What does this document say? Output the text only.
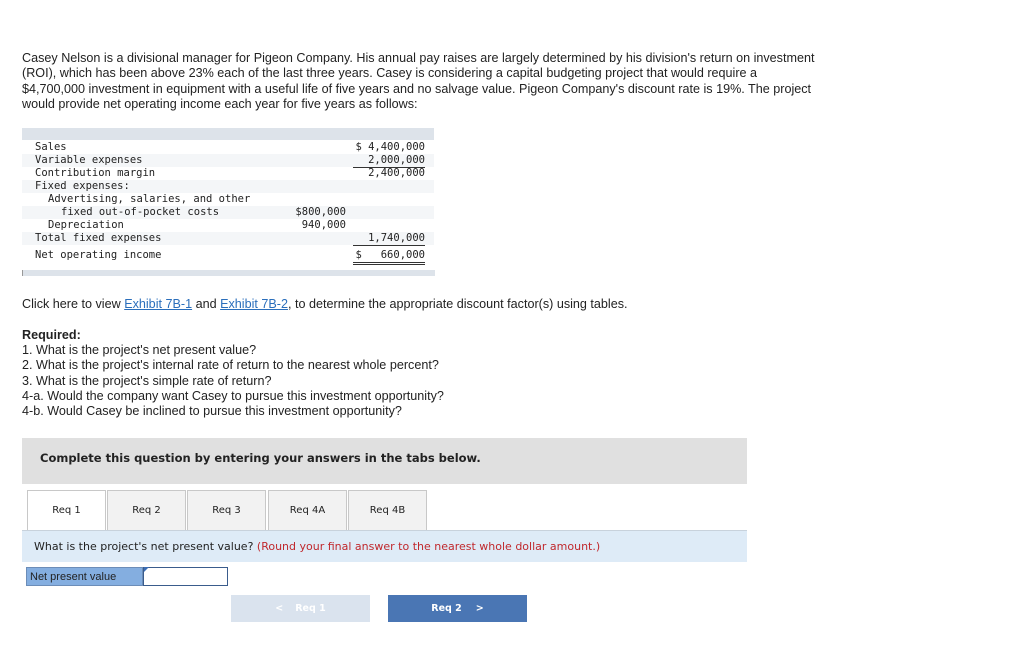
Casey Nelson is a divisional manager for Pigeon Company. His annual pay raises are largely determined by his division's return on investment (ROI), which has been above 23% each of the last three years. Casey is considering a capital budgeting project that would require a $4,700,000 investment in equipment with a useful life of five years and no salvage value. Pigeon Company's discount rate is 19%. The project would provide net operating income each year for five years as follows:
Sales	$ 4,400,000
Variable expenses	2,000,000
Contribution margin	2,400,000
Fixed expenses:
Advertising, salaries, and other
fixed out-of-pocket costs	$800,000
Depreciation	940,000
Total fixed expenses	1,740,000
Net operating income	$   660,000
Click here to view Exhibit 7B-1 and Exhibit 7B-2, to determine the appropriate discount factor(s) using tables.
Required:
1. What is the project's net present value?
2. What is the project's internal rate of return to the nearest whole percent?
3. What is the project's simple rate of return?
4-a. Would the company want Casey to pursue this investment opportunity?
4-b. Would Casey be inclined to pursue this investment opportunity?
Complete this question by entering your answers in the tabs below.
Req 1	Req 2	Req 3	Req 4A	Req 4B
What is the project's net present value? (Round your final answer to the nearest whole dollar amount.)
Net present value
< Req 1	Req 2 >
